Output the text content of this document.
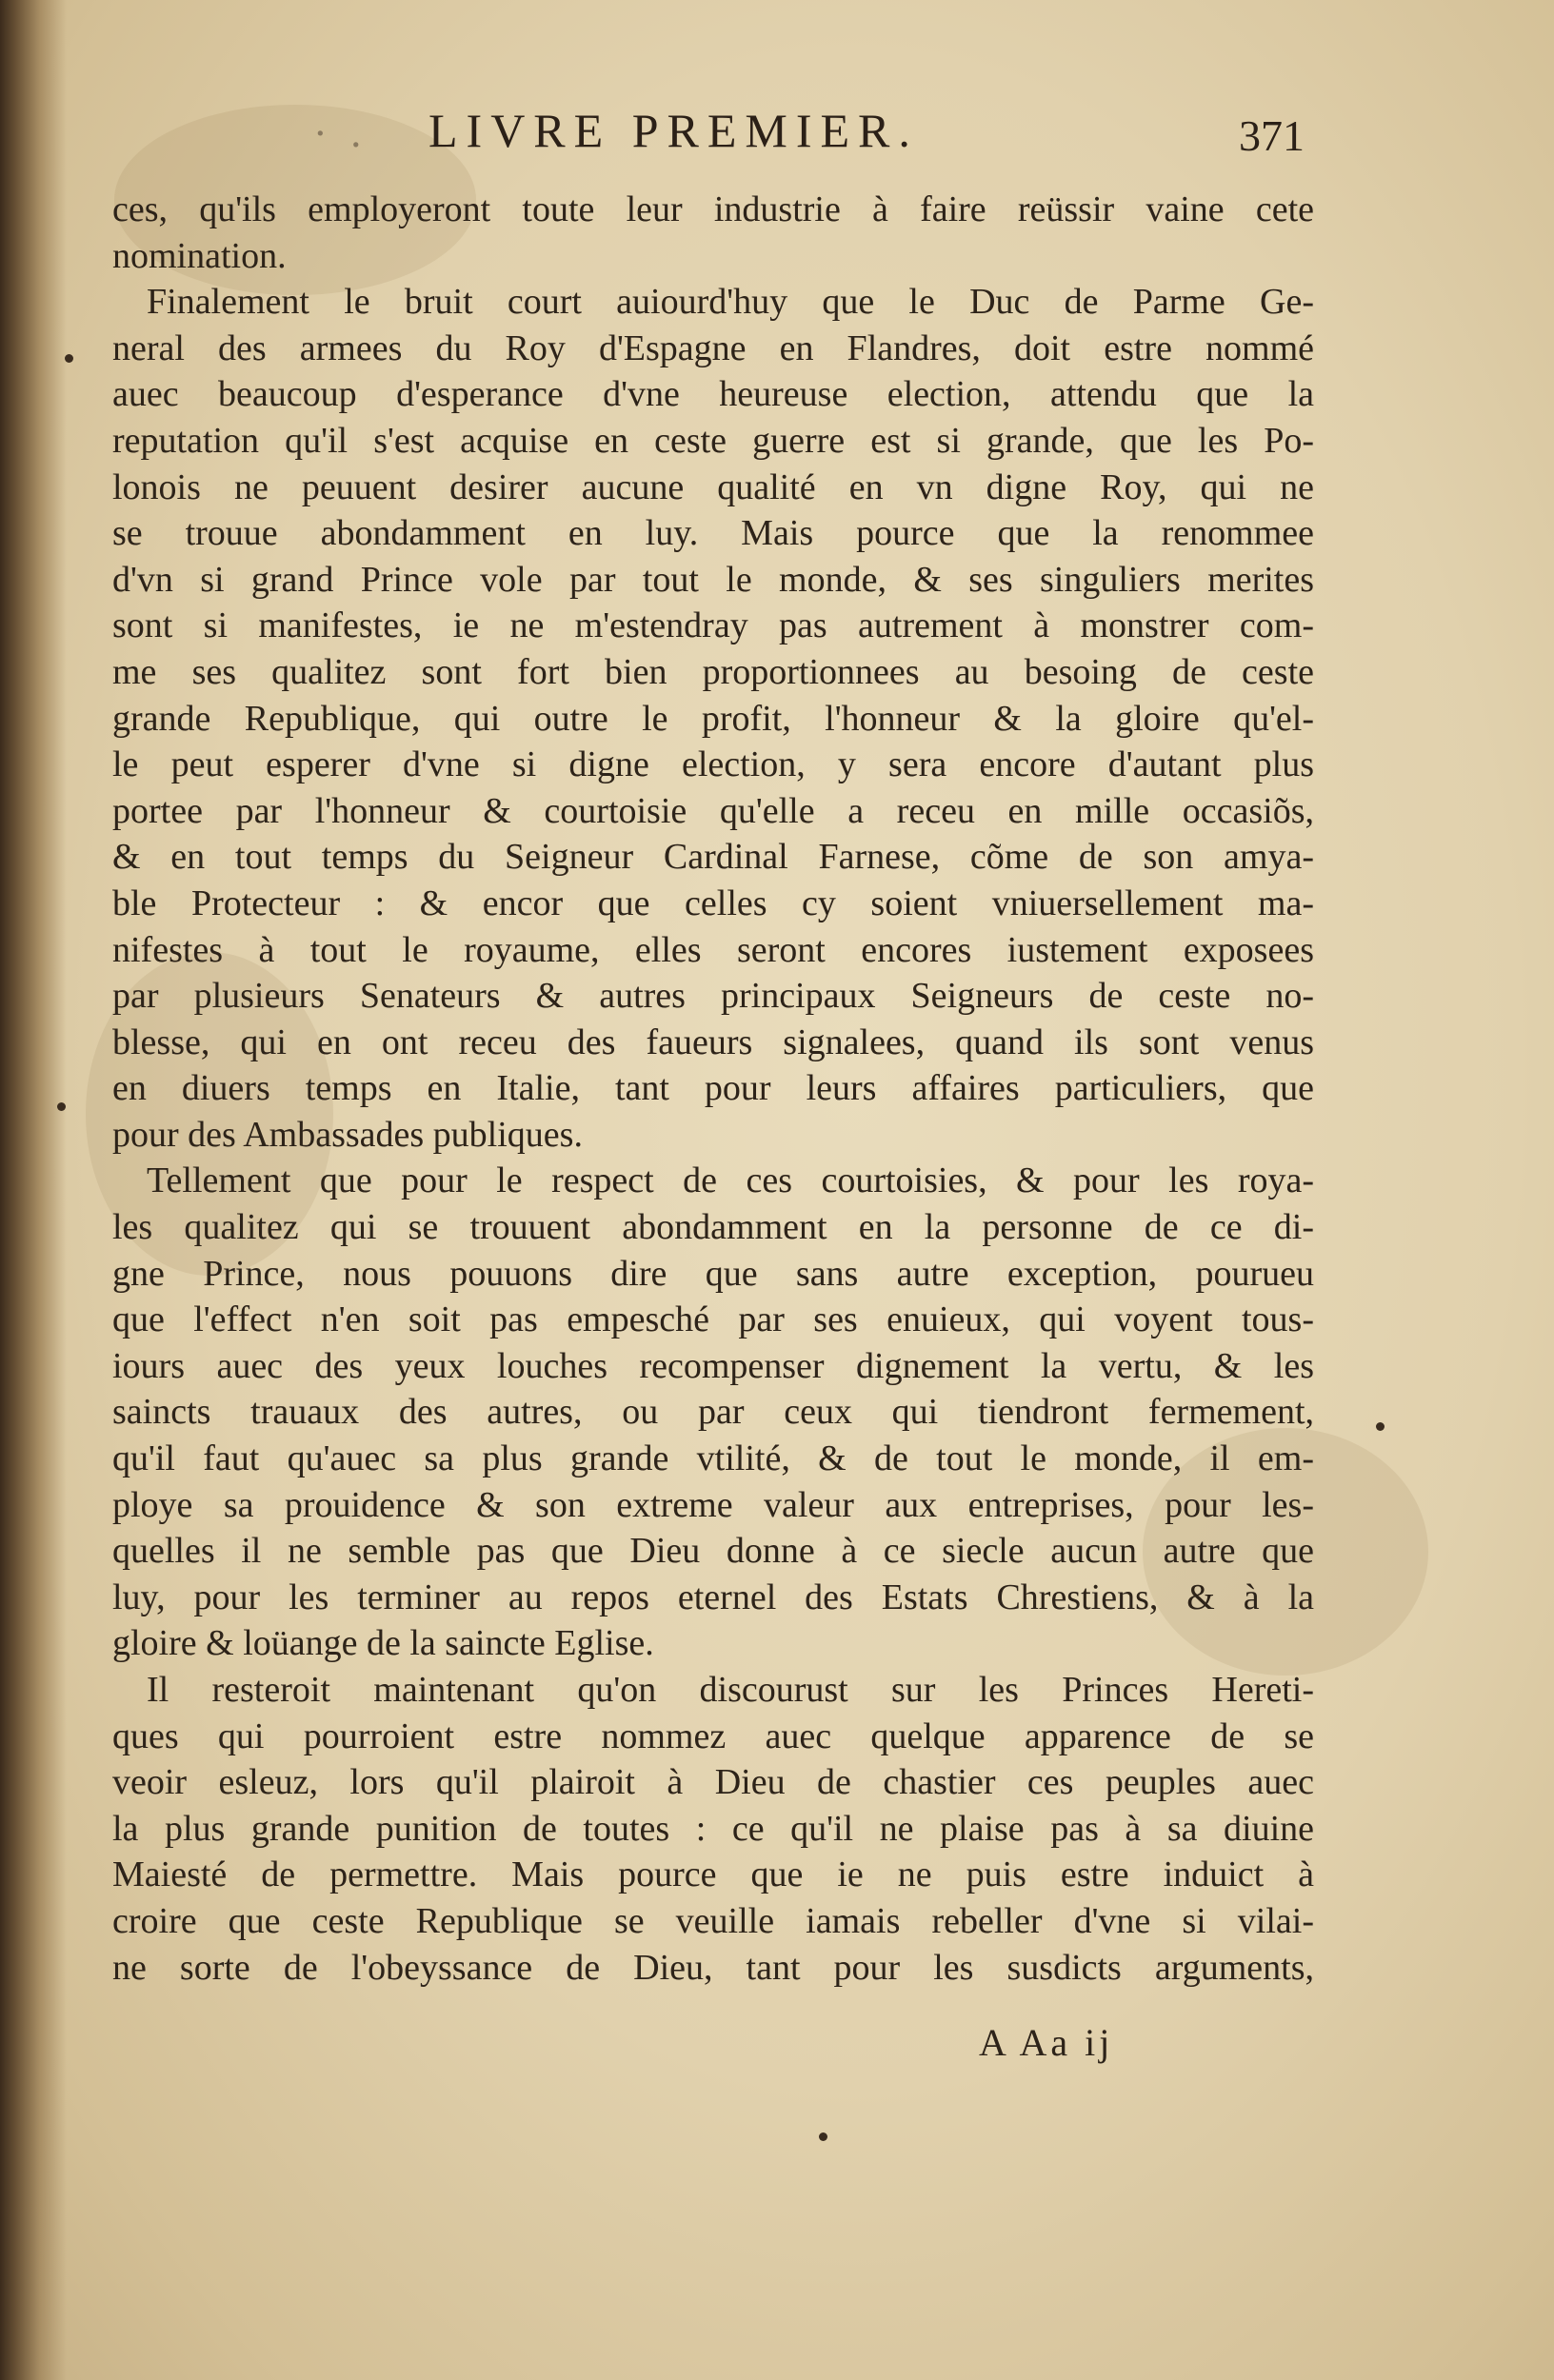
· . LIVRE PREMIER.	371
ces, qu'ils employeront toute leur industrie à faire reüssir vaine cete
nomination.
Finalement le bruit court auiourd'huy que le Duc de Parme Ge-
neral des armees du Roy d'Espagne en Flandres, doit estre nommé
auec beaucoup d'esperance d'vne heureuse election, attendu que la
reputation qu'il s'est acquise en ceste guerre est si grande, que les Po-
lonois ne peuuent desirer aucune qualité en vn digne Roy, qui ne
se trouue abondamment en luy. Mais pource que la renommee
d'vn si grand Prince vole par tout le monde, & ses singuliers merites
sont si manifestes, ie ne m'estendray pas autrement à monstrer com-
me ses qualitez sont fort bien proportionnees au besoing de ceste
grande Republique, qui outre le profit, l'honneur & la gloire qu'el-
le peut esperer d'vne si digne election, y sera encore d'autant plus
portee par l'honneur & courtoisie qu'elle a receu en mille occasiõs,
& en tout temps du Seigneur Cardinal Farnese, cõme de son amya-
ble Protecteur : & encor que celles cy soient vniuersellement ma-
nifestes à tout le royaume, elles seront encores iustement exposees
par plusieurs Senateurs & autres principaux Seigneurs de ceste no-
blesse, qui en ont receu des faueurs signalees, quand ils sont venus
en diuers temps en Italie, tant pour leurs affaires particuliers, que
pour des Ambassades publiques.
Tellement que pour le respect de ces courtoisies, & pour les roya-
les qualitez qui se trouuent abondamment en la personne de ce di-
gne Prince, nous pouuons dire que sans autre exception, pourueu
que l'effect n'en soit pas empesché par ses enuieux, qui voyent tous-
iours auec des yeux louches recompenser dignement la vertu, & les
saincts trauaux des autres, ou par ceux qui tiendront fermement,
qu'il faut qu'auec sa plus grande vtilité, & de tout le monde, il em-
ploye sa prouidence & son extreme valeur aux entreprises, pour les-
quelles il ne semble pas que Dieu donne à ce siecle aucun autre que
luy, pour les terminer au repos eternel des Estats Chrestiens, & à la
gloire & loüange de la saincte Eglise.
Il resteroit maintenant qu'on discourust sur les Princes Hereti-
ques qui pourroient estre nommez auec quelque apparence de se
veoir esleuz, lors qu'il plairoit à Dieu de chastier ces peuples auec
la plus grande punition de toutes : ce qu'il ne plaise pas à sa diuine
Maiesté de permettre. Mais pource que ie ne puis estre induict à
croire que ceste Republique se veuille iamais rebeller d'vne si vilai-
ne sorte de l'obeyssance de Dieu, tant pour les susdicts arguments,
A Aa ij
